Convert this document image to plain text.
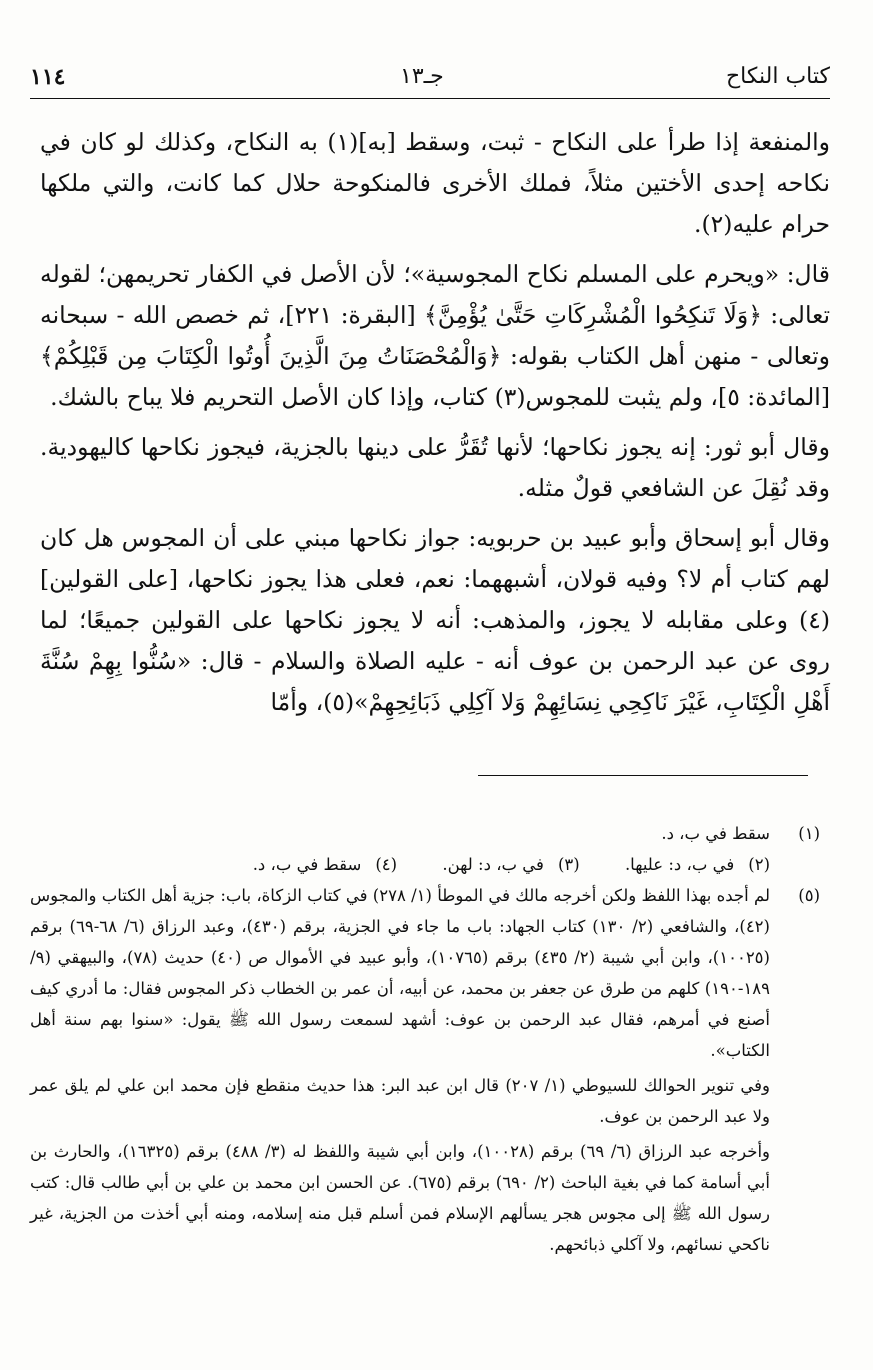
١١٤	جـ١٣	كتاب النكاح

والمنفعة إذا طرأ على النكاح - ثبت، وسقط [به](١) به النكاح، وكذلك لو كان في نكاحه إحدى الأختين مثلاً، فملك الأخرى فالمنكوحة حلال كما كانت، والتي ملكها حرام عليه(٢).

قال: «ويحرم على المسلم نكاح المجوسية»؛ لأن الأصل في الكفار تحريمهن؛ لقوله تعالى: ﴿وَلَا تَنكِحُوا الْمُشْرِكَاتِ حَتَّىٰ يُؤْمِنَّ﴾ [البقرة: ٢٢١]، ثم خصص الله - سبحانه وتعالى - منهن أهل الكتاب بقوله: ﴿وَالْمُحْصَنَاتُ مِنَ الَّذِينَ أُوتُوا الْكِتَابَ مِن قَبْلِكُمْ﴾ [المائدة: ٥]، ولم يثبت للمجوس(٣) كتاب، وإذا كان الأصل التحريم فلا يباح بالشك.

وقال أبو ثور: إنه يجوز نكاحها؛ لأنها تُقَرُّ على دينها بالجزية، فيجوز نكاحها كاليهودية. وقد نُقِلَ عن الشافعي قولٌ مثله.

وقال أبو إسحاق وأبو عبيد بن حربويه: جواز نكاحها مبني على أن المجوس هل كان لهم كتاب أم لا؟ وفيه قولان، أشبههما: نعم، فعلى هذا يجوز نكاحها، [على القولين](٤) وعلى مقابله لا يجوز، والمذهب: أنه لا يجوز نكاحها على القولين جميعًا؛ لما روى عن عبد الرحمن بن عوف أنه - عليه الصلاة والسلام - قال: «سُنُّوا بِهِمْ سُنَّةَ أَهْلِ الْكِتَابِ، غَيْرَ نَاكِحِي نِسَائِهِمْ وَلا آكِلِي ذَبَائِحِهِمْ»(٥)، وأمّا

(١)
سقط في ب، د.
(٢)في ب، د: عليها. (٣)في ب، د: لهن. (٤)سقط في ب، د.
(٥)
لم أجده بهذا اللفظ ولكن أخرجه مالك في الموطأ (١/ ٢٧٨) في كتاب الزكاة، باب: جزية أهل الكتاب والمجوس (٤٢)، والشافعي (٢/ ١٣٠) كتاب الجهاد: باب ما جاء في الجزية، برقم (٤٣٠)، وعبد الرزاق (٦/ ٦٨-٦٩) برقم (١٠٠٢٥)، وابن أبي شيبة (٢/ ٤٣٥) برقم (١٠٧٦٥)، وأبو عبيد في الأموال ص (٤٠) حديث (٧٨)، والبيهقي (٩/ ١٨٩-١٩٠) كلهم من طرق عن جعفر بن محمد، عن أبيه، أن عمر بن الخطاب ذكر المجوس فقال: ما أدري كيف أصنع في أمرهم، فقال عبد الرحمن بن عوف: أشهد لسمعت رسول الله ﷺ يقول: «سنوا بهم سنة أهل الكتاب».
وفي تنوير الحوالك للسيوطي (١/ ٢٠٧) قال ابن عبد البر: هذا حديث منقطع فإن محمد ابن علي لم يلق عمر ولا عبد الرحمن بن عوف.
وأخرجه عبد الرزاق (٦/ ٦٩) برقم (١٠٠٢٨)، وابن أبي شيبة واللفظ له (٣/ ٤٨٨) برقم (١٦٣٢٥)، والحارث بن أبي أسامة كما في بغية الباحث (٢/ ٦٩٠) برقم (٦٧٥). عن الحسن ابن محمد بن علي بن أبي طالب قال: كتب رسول الله ﷺ إلى مجوس هجر يسألهم الإسلام فمن أسلم قبل منه إسلامه، ومنه أبي أخذت من الجزية، غير ناكحي نسائهم، ولا آكلي ذبائحهم.
